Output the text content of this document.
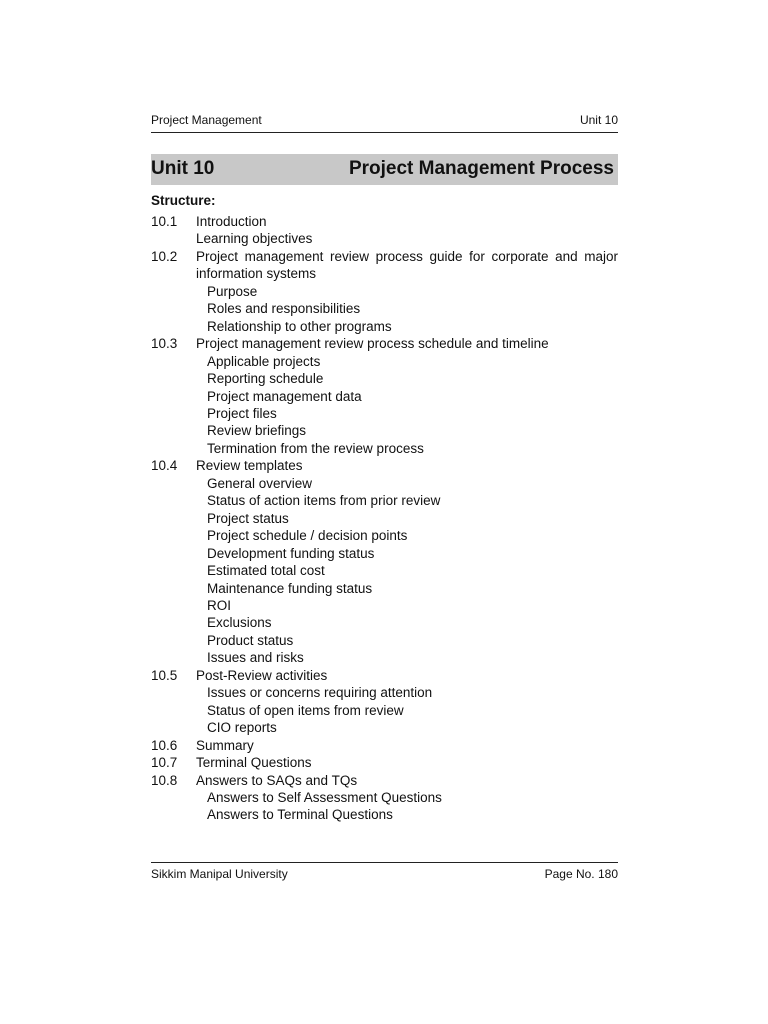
Project Management	Unit 10
Unit 10	Project Management Process
Structure:
10.1 Introduction
Learning objectives
10.2 Project management review process guide for corporate and major information systems
Purpose
Roles and responsibilities
Relationship to other programs
10.3 Project management review process schedule and timeline
Applicable projects
Reporting schedule
Project management data
Project files
Review briefings
Termination from the review process
10.4 Review templates
General overview
Status of action items from prior review
Project status
Project schedule / decision points
Development funding status
Estimated total cost
Maintenance funding status
ROI
Exclusions
Product status
Issues and risks
10.5 Post-Review activities
Issues or concerns requiring attention
Status of open items from review
CIO reports
10.6 Summary
10.7 Terminal Questions
10.8 Answers to SAQs and TQs
Answers to Self Assessment Questions
Answers to Terminal Questions
Sikkim Manipal University	Page No. 180
